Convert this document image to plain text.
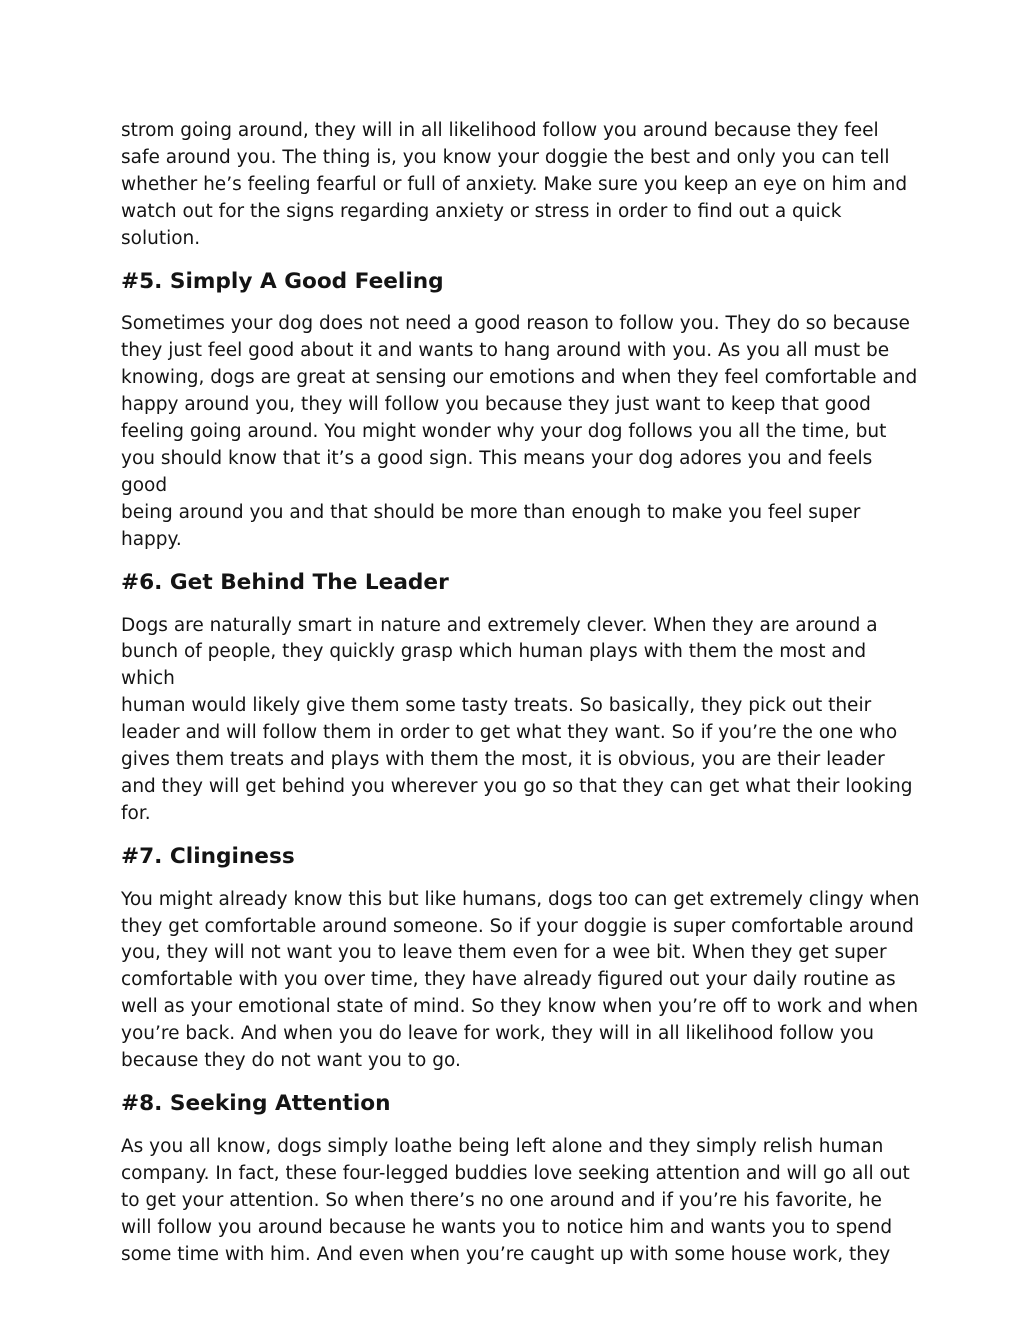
strom going around, they will in all likelihood follow you around because they feel
safe around you. The thing is, you know your doggie the best and only you can tell
whether he’s feeling fearful or full of anxiety. Make sure you keep an eye on him and
watch out for the signs regarding anxiety or stress in order to find out a quick
solution.

#5. Simply A Good Feeling

Sometimes your dog does not need a good reason to follow you. They do so because
they just feel good about it and wants to hang around with you. As you all must be
knowing, dogs are great at sensing our emotions and when they feel comfortable and
happy around you, they will follow you because they just want to keep that good
feeling going around. You might wonder why your dog follows you all the time, but
you should know that it’s a good sign. This means your dog adores you and feels good
being around you and that should be more than enough to make you feel super happy.

#6. Get Behind The Leader

Dogs are naturally smart in nature and extremely clever. When they are around a
bunch of people, they quickly grasp which human plays with them the most and which
human would likely give them some tasty treats. So basically, they pick out their
leader and will follow them in order to get what they want. So if you’re the one who
gives them treats and plays with them the most, it is obvious, you are their leader
and they will get behind you wherever you go so that they can get what their looking
for.

#7. Clinginess

You might already know this but like humans, dogs too can get extremely clingy when
they get comfortable around someone. So if your doggie is super comfortable around
you, they will not want you to leave them even for a wee bit. When they get super
comfortable with you over time, they have already figured out your daily routine as
well as your emotional state of mind. So they know when you’re off to work and when
you’re back. And when you do leave for work, they will in all likelihood follow you
because they do not want you to go.

#8. Seeking Attention

As you all know, dogs simply loathe being left alone and they simply relish human
company. In fact, these four-legged buddies love seeking attention and will go all out
to get your attention. So when there’s no one around and if you’re his favorite, he
will follow you around because he wants you to notice him and wants you to spend
some time with him. And even when you’re caught up with some house work, they
